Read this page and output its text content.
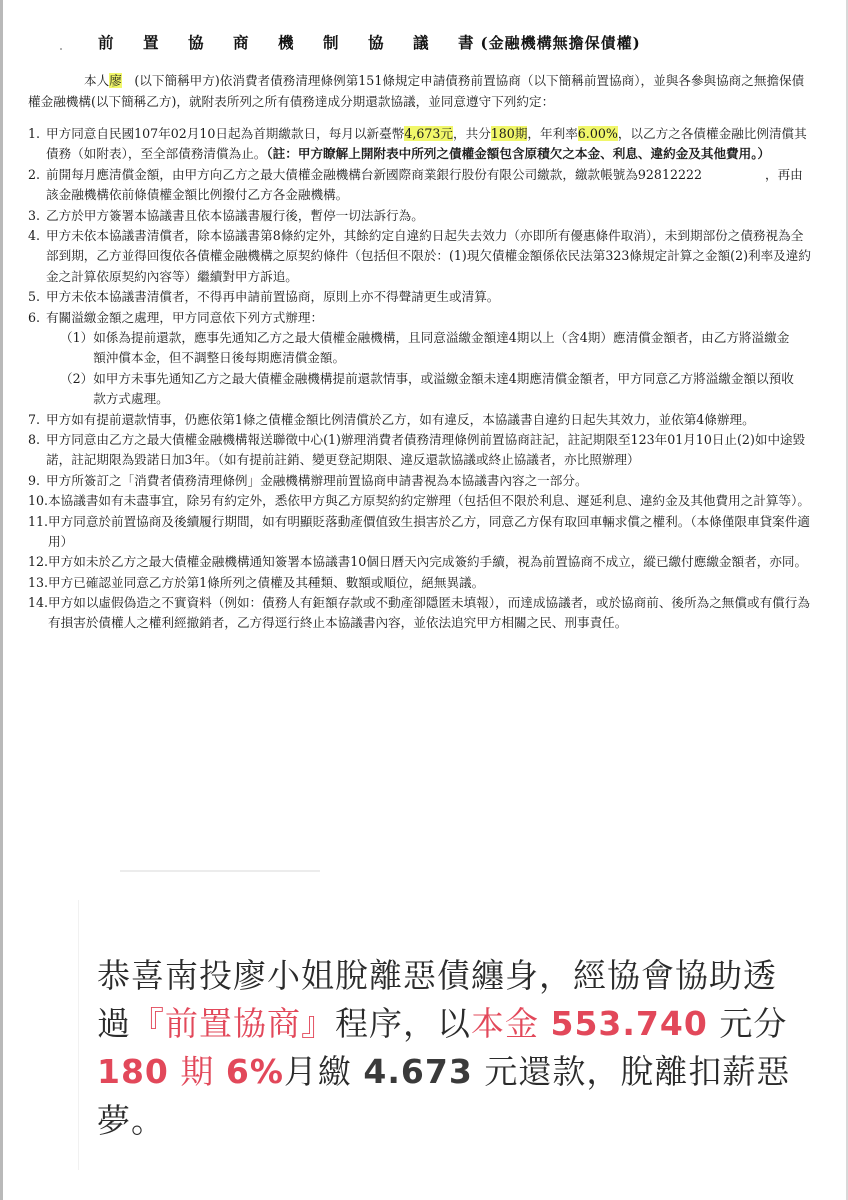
前　置　協　商　機　制　協　議　書(金融機構無擔保債權)

本人廖　(以下簡稱甲方)依消費者債務清理條例第151條規定申請債務前置協商（以下簡稱前置協商），並與各參與協商之無擔保債權金融機構(以下簡稱乙方)，就附表所列之所有債務達成分期還款協議，並同意遵守下列約定：

1. 甲方同意自民國107年02月10日起為首期繳款日，每月以新臺幣4,673元，共分180期，年利率6.00%，以乙方之各債權金融比例清償其債務（如附表），至全部債務清償為止。（註：甲方瞭解上開附表中所列之債權金額包含原積欠之本金、利息、違約金及其他費用。）
2. 前開每月應清償金額，由甲方向乙方之最大債權金融機構台新國際商業銀行股份有限公司繳款，繳款帳號為92812222　　　　　，再由該金融機構依前條債權金額比例撥付乙方各金融機構。
3. 乙方於甲方簽署本協議書且依本協議書履行後，暫停一切法訴行為。
4. 甲方未依本協議書清償者，除本協議書第8條約定外，其餘約定自違約日起失去效力（亦即所有優惠條件取消），未到期部份之債務視為全部到期，乙方並得回復依各債權金融機構之原契約條件（包括但不限於：(1)現欠債權金額係依民法第323條規定計算之金額(2)利率及違約金之計算依原契約內容等）繼續對甲方訴追。
5. 甲方未依本協議書清償者，不得再申請前置協商，原則上亦不得聲請更生或清算。
6. 有關溢繳金額之處理，甲方同意依下列方式辦理：
（1） 如係為提前還款，應事先通知乙方之最大債權金融機構，且同意溢繳金額達4期以上（含4期）應清償金額者，由乙方將溢繳金額沖償本金，但不調整日後每期應清償金額。
（2） 如甲方未事先通知乙方之最大債權金融機構提前還款情事，或溢繳金額未達4期應清償金額者，甲方同意乙方將溢繳金額以預收款方式處理。
7. 甲方如有提前還款情事，仍應依第1條之債權金額比例清償於乙方，如有違反，本協議書自違約日起失其效力，並依第4條辦理。
8. 甲方同意由乙方之最大債權金融機構報送聯徵中心(1)辦理消費者債務清理條例前置協商註記，註記期限至123年01月10日止(2)如中途毀諾，註記期限為毀諾日加3年。（如有提前註銷、變更登記期限、違反還款協議或終止協議者，亦比照辦理）
9. 甲方所簽訂之「消費者債務清理條例」金融機構辦理前置協商申請書視為本協議書內容之一部分。
10. 本協議書如有未盡事宜，除另有約定外，悉依甲方與乙方原契約約定辦理（包括但不限於利息、遲延利息、違約金及其他費用之計算等）。
11. 甲方同意於前置協商及後續履行期間，如有明顯貶落動產價值致生損害於乙方，同意乙方保有取回車輛求償之權利。（本條僅限車貸案件適用）
12. 甲方如未於乙方之最大債權金融機構通知簽署本協議書10個日曆天內完成簽約手續，視為前置協商不成立，縱已繳付應繳金額者，亦同。
13. 甲方已確認並同意乙方於第1條所列之債權及其種類、數額或順位，絕無異議。
14. 甲方如以虛假偽造之不實資料（例如：債務人有鉅額存款或不動產卻隱匿未填報），而達成協議者，或於協商前、後所為之無償或有償行為有損害於債權人之權利經撤銷者，乙方得逕行終止本協議書內容，並依法追究甲方相關之民、刑事責任。
恭喜南投廖小姐脫離惡債纏身，經協會協助透過『前置協商』程序，以本金 553.740 元分 180 期 6%月繳 4.673 元還款，脫離扣薪惡夢。
